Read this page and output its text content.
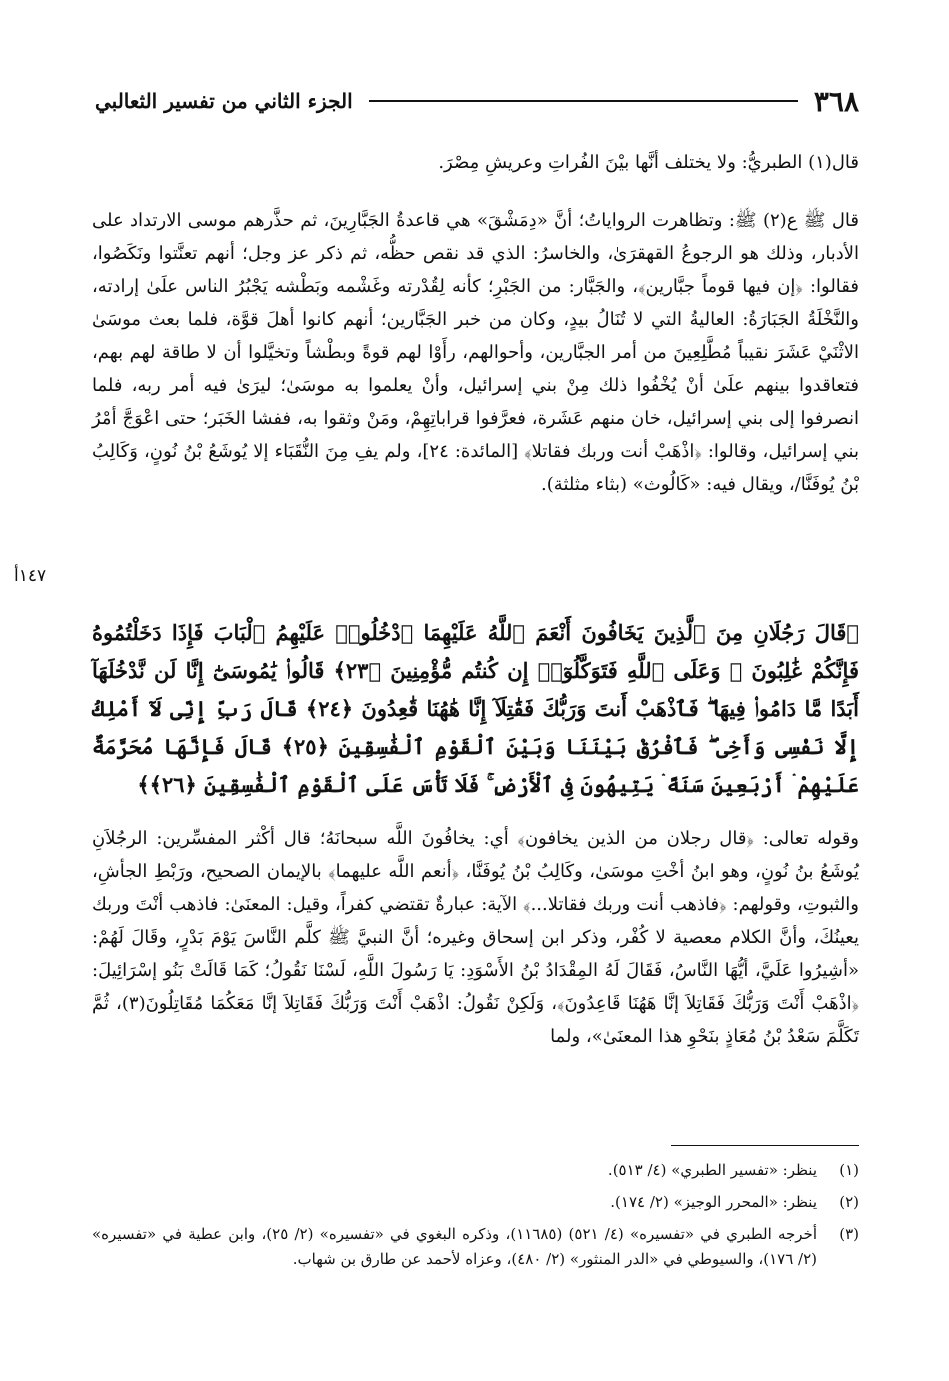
٣٦٨
الجزء الثاني من تفسير الثعالبي
قال(١) الطبريُّ: ولا يختلف أنَّها بيْنَ الفُراتِ وعريشِ مِصْرَ.
قال ﷺ ع(٢) ﷺ: وتظاهرت الرواياتُ؛ أنَّ «دِمَشْقَ» هي قاعدةُ الجَبَّارِينَ، ثم حذَّرهم موسى الارتداد على الأدبار، وذلك هو الرجوعُ القهقرَىٰ، والخاسرُ: الذي قد نقص حظُّه، ثم ذكر عز وجل؛ أنهم تعنَّتوا ونَكَصُوا، فقالوا: ﴿إن فيها قوماً جبَّارين﴾، والجَبَّار: من الجَبْرِ؛ كأنه لِقُدْرته وغَشْمه وبَطْشه يَجْبُرُ الناس علَىٰ إرادته، والنَّخْلَةُ الجَبَارَةُ: العاليةُ التي لا تُنَالُ بيدٍ، وكان من خبر الجَبَّارين؛ أنهم كانوا أهلَ قوَّة، فلما بعث موسَىٰ الاثْنَيْ عَشَرَ نقيباً مُطَّلِعِينَ من أمر الجبَّارين، وأحوالهم، رأَوْا لهم قوةً وبطْشاً وتخيَّلوا أن لا طاقة لهم بهم، فتعاقدوا بينهم علَىٰ أنْ يُخْفُوا ذلك مِنْ بني إسرائيل، وأنْ يعلموا به موسَىٰ؛ ليرَىٰ فيه أمر ربه، فلما انصرفوا إلى بني إسرائيل، خان منهم عَشَرة، فعرَّفوا قراباتِهِمْ، ومَنْ وثقوا به، ففشا الخَبَر؛ حتى اعْوَجَّ أمْرُ بني إسرائيل، وقالوا: ﴿اذْهَبْ أنت وربك فقاتلا﴾ [المائدة: ٢٤]، ولم يفِ مِنَ النُّقَبَاء إلا يُوشَعُ بْنُ نُونٍ، وَكَالِبُ بْنُ يُوفَنَّا/، ويقال فيه: «كَالُوث» (بثاء مثلثة).
١٤٧أ
﴿قَالَ رَجُلَانِ مِنَ ٱلَّذِينَ يَخَافُونَ أَنْعَمَ ٱللَّهُ عَلَيْهِمَا ٱدْخُلُوا۟ عَلَيْهِمُ ٱلْبَابَ فَإِذَا دَخَلْتُمُوهُ فَإِنَّكُمْ غَٰلِبُونَ ۚ وَعَلَى ٱللَّهِ فَتَوَكَّلُوٓا۟ إِن كُنتُم مُّؤْمِنِينَ ﴿٢٣﴾ قَالُوا۟ يَٰمُوسَىٰٓ إِنَّا لَن نَّدْخُلَهَآ أَبَدًا مَّا دَامُوا۟ فِيهَا ۖ فَٱذْهَبْ أَنتَ وَرَبُّكَ فَقَٰتِلَآ إِنَّا هَٰهُنَا قَٰعِدُونَ ﴿٢٤﴾ قَالَ رَبِّ إِنِّى لَآ أَمْلِكُ إِلَّا نَفْسِى وَأَخِى ۖ فَٱفْرُقْ بَيْنَنَا وَبَيْنَ ٱلْقَوْمِ ٱلْفَٰسِقِينَ ﴿٢٥﴾ قَالَ فَإِنَّهَا مُحَرَّمَةٌ عَلَيْهِمْ ۛ أَرْبَعِينَ سَنَةً ۛ يَتِيهُونَ فِى ٱلْأَرْضِ ۚ فَلَا تَأْسَ عَلَى ٱلْقَوْمِ ٱلْفَٰسِقِينَ ﴿٢٦﴾﴾
وقوله تعالى: ﴿قال رجلان من الذين يخافون﴾ أي: يخافُونَ اللَّه سبحانَهُ؛ قال أكْثر المفسِّرين: الرجُلاَنِ يُوشَعُ بنُ نُونٍ، وهو ابنُ أخْتِ موسَىٰ، وكَالِبُ بْنُ يُوفَنَّا، ﴿أنعم اللَّه عليهما﴾ بالإيمان الصحيح، ورَبْطِ الجأشِ، والثبوتِ، وقولهم: ﴿فاذهب أنت وربك فقاتلا...﴾ الآية: عبارةٌ تقتضي كفراً، وقيل: المعنَىٰ: فاذهب أنْتَ وربك يعينُكَ، وأنَّ الكلام معصية لا كُفْر، وذكر ابن إسحاق وغيره؛ أنَّ النبيَّ ﷺ كلَّم النَّاسَ يَوْمَ بَدْرٍ، وقَالَ لَهُمْ: «أشِيرُوا عَلَيَّ، أيُّهَا النَّاسُ، فَقَالَ لَهُ المِقْدَادُ بْنُ الأَسْوَدِ: يَا رَسُولَ اللَّهِ، لَسْنَا نَقُولُ؛ كَمَا قَالَتْ بَنُو إسْرَائِيلَ: ﴿اذْهَبْ أَنْتَ وَرَبُّكَ فَقَاتِلاَ إنَّا هَهُنَا قَاعِدُونَ﴾، وَلَكِنْ نَقُولُ: اذْهَبْ أَنْتَ وَرَبُّكَ فَقَاتِلاَ إنَّا مَعَكُمَا مُقَاتِلُونَ(٣)، ثُمَّ تَكَلَّمَ سَعْدُ بْنُ مُعَاذٍ بنَحْوِ هذا المعنَىٰ»، ولما
(١)
ينظر: «تفسير الطبري» (٤/ ٥١٣).
(٢)
ينظر: «المحرر الوجيز» (٢/ ١٧٤).
(٣)
أخرجه الطبري في «تفسيره» (٤/ ٥٢١) (١١٦٨٥)، وذكره البغوي في «تفسيره» (٢/ ٢٥)، وابن عطية في «تفسيره» (٢/ ١٧٦)، والسيوطي في «الدر المنثور» (٢/ ٤٨٠)، وعزاه لأحمد عن طارق بن شهاب.
